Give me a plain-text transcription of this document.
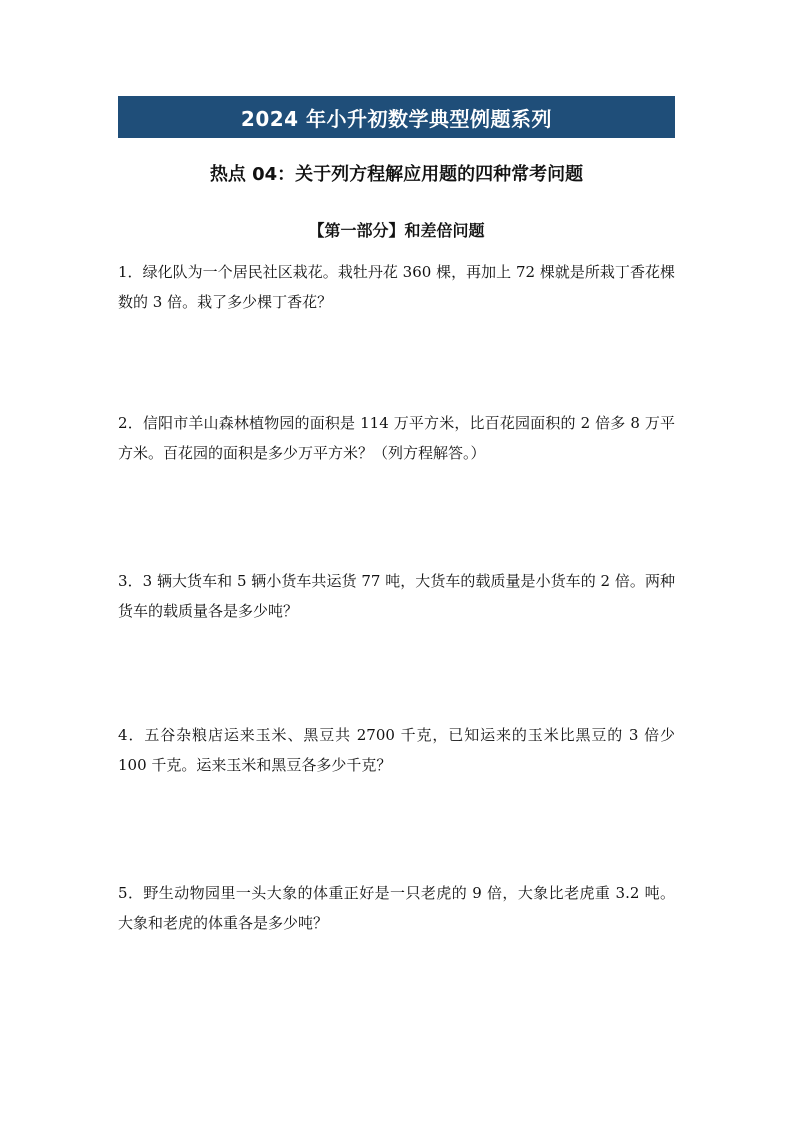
2024 年小升初数学典型例题系列
热点 04：关于列方程解应用题的四种常考问题
【第一部分】和差倍问题
1．绿化队为一个居民社区栽花。栽牡丹花 360 棵，再加上 72 棵就是所栽丁香花棵数的 3 倍。栽了多少棵丁香花？
2．信阳市羊山森林植物园的面积是 114 万平方米，比百花园面积的 2 倍多 8 万平方米。百花园的面积是多少万平方米？（列方程解答。）
3．3 辆大货车和 5 辆小货车共运货 77 吨，大货车的载质量是小货车的 2 倍。两种货车的载质量各是多少吨？
4．五谷杂粮店运来玉米、黑豆共 2700 千克，已知运来的玉米比黑豆的 3 倍少 100 千克。运来玉米和黑豆各多少千克？
5．野生动物园里一头大象的体重正好是一只老虎的 9 倍，大象比老虎重 3.2 吨。大象和老虎的体重各是多少吨？
